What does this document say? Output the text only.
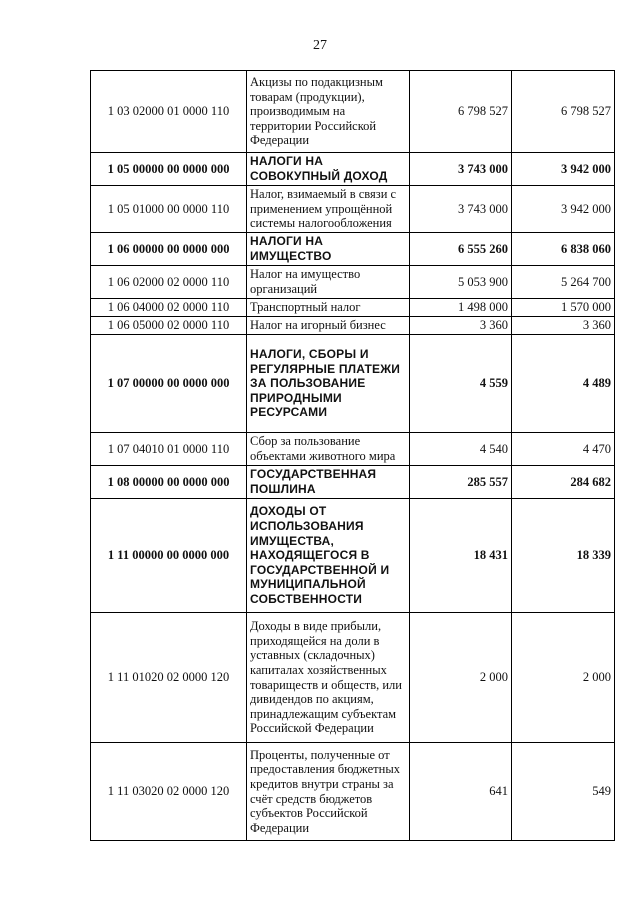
27
1 03 02000 01 0000 110	Акцизы по подакцизным товарам (продукции), производимым на территории Российской Федерации	6 798 527	6 798 527
1 05 00000 00 0000 000	НАЛОГИ НА СОВОКУПНЫЙ ДОХОД	3 743 000	3 942 000
1 05 01000 00 0000 110	Налог, взимаемый в связи с применением упрощённой системы налогообложения	3 743 000	3 942 000
1 06 00000 00 0000 000	НАЛОГИ НА ИМУЩЕСТВО	6 555 260	6 838 060
1 06 02000 02 0000 110	Налог на имущество организаций	5 053 900	5 264 700
1 06 04000 02 0000 110	Транспортный налог	1 498 000	1 570 000
1 06 05000 02 0000 110	Налог на игорный бизнес	3 360	3 360
1 07 00000 00 0000 000	НАЛОГИ, СБОРЫ И РЕГУЛЯРНЫЕ ПЛАТЕЖИ ЗА ПОЛЬЗОВАНИЕ ПРИРОДНЫМИ РЕСУРСАМИ	4 559	4 489
1 07 04010 01 0000 110	Сбор за пользование объектами животного мира	4 540	4 470
1 08 00000 00 0000 000	ГОСУДАРСТВЕННАЯ ПОШЛИНА	285 557	284 682
1 11 00000 00 0000 000	ДОХОДЫ ОТ ИСПОЛЬЗОВАНИЯ ИМУЩЕСТВА, НАХОДЯЩЕГОСЯ В ГОСУДАРСТВЕННОЙ И МУНИЦИПАЛЬНОЙ СОБСТВЕННОСТИ	18 431	18 339
1 11 01020 02 0000 120	Доходы в виде прибыли, приходящейся на доли в уставных (складочных) капиталах хозяйственных товариществ и обществ, или дивидендов по акциям, принадлежащим субъектам Российской Федерации	2 000	2 000
1 11 03020 02 0000 120	Проценты, полученные от предоставления бюджетных кредитов внутри страны за счёт средств бюджетов субъектов Российской Федерации	641	549
